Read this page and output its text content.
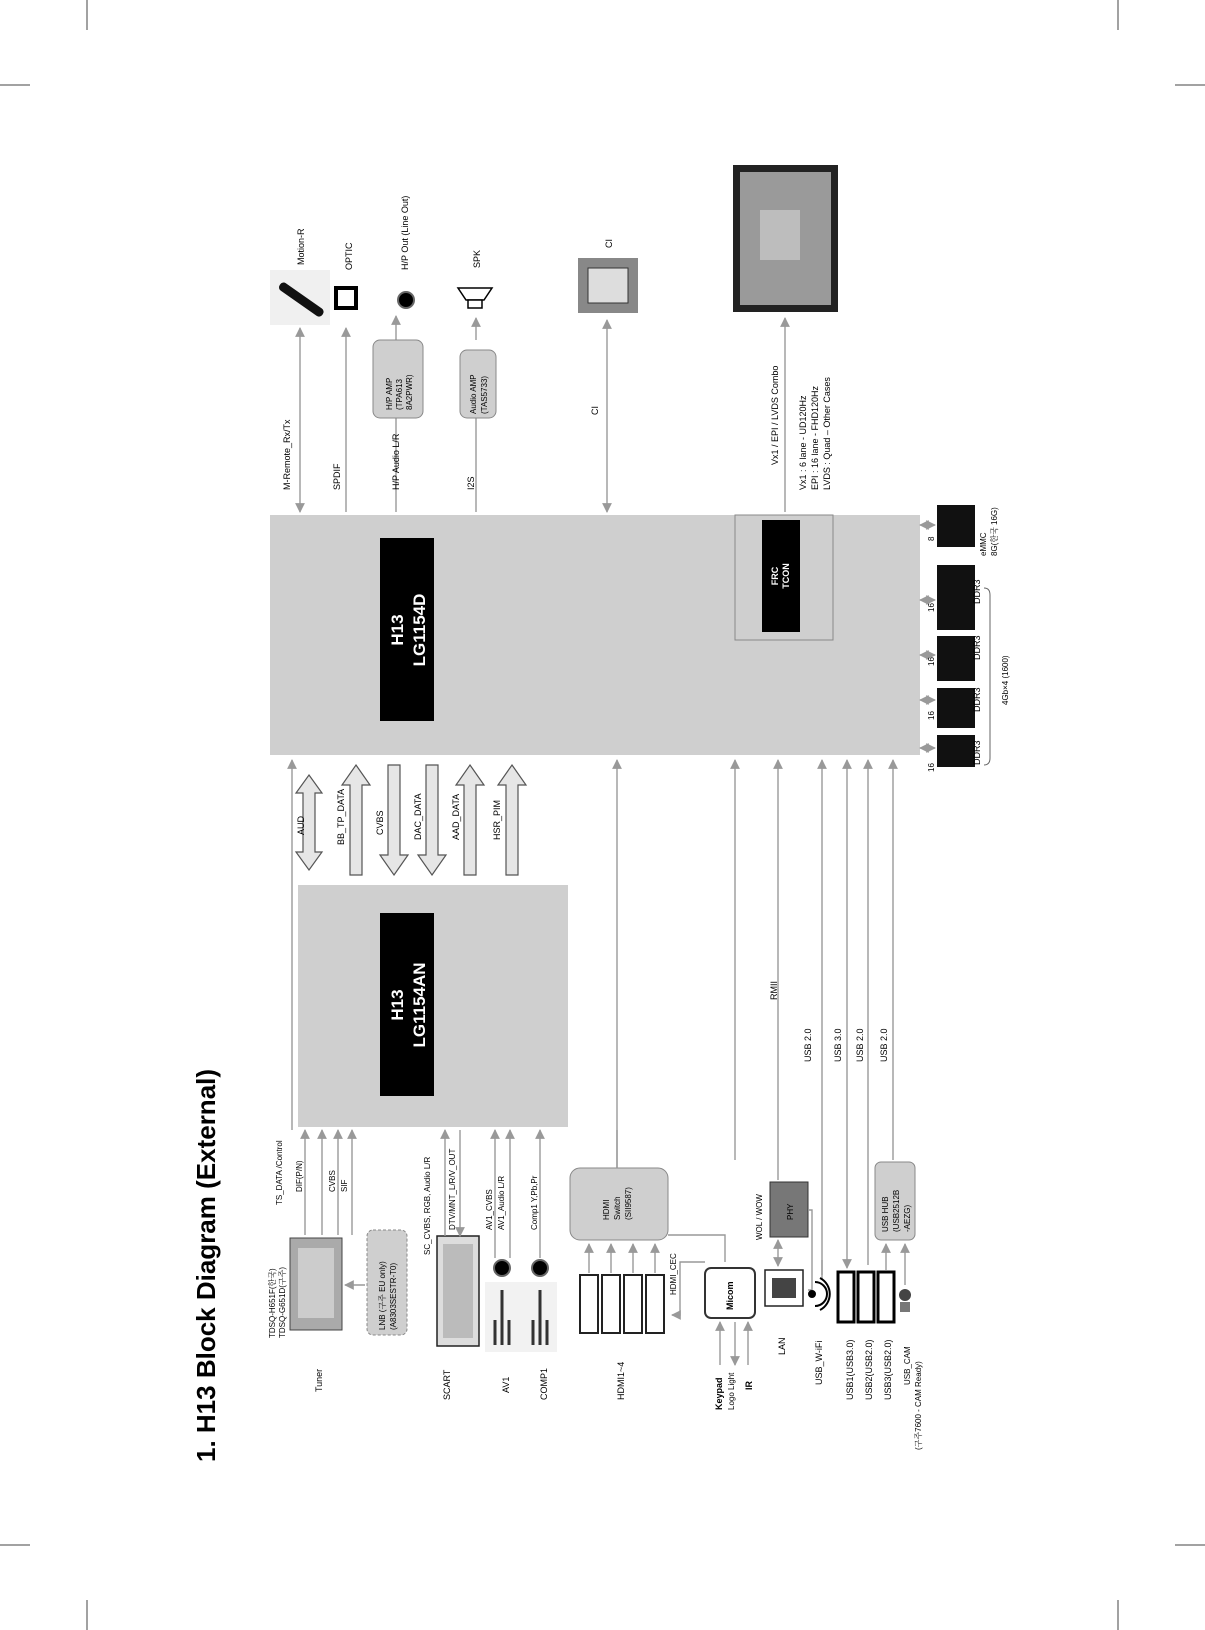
1. H13 Block Diagram (External)
H13 LG1154D
FRC TCON
H13 LG1154AN
AUD	BB_TP_DATA	CVBS	DAC_DATA	AAD_DATA	HSR_PIM
RMII
USB 2.0 USB 3.0 USB 2.0 USB 2.0
M-Remote_Rx/Tx	SPDIF	H/P Audio L/R	I2S
CI	Vx1 / EPI / LVDS Combo Vx1 : 6 lane - UD120Hz EPI : 16 lane - FHD120Hz LVDS : Quad – Other Cases
H/P AMP (TPA613 8A2PWR)	Audio AMP (TAS5733)
Motion-R	OPTIC	H/P Out (Line Out)	SPK
CI
16
16
16
16
8
DDR3
DDR3
DDR3
DDR3
4Gb×4 (1600)
eMMC 8G(한국 16G)
TDSQ-H651F(한국) TDSQ-G651D(구주)
Tuner
LNB (구주 EU only) (A8303SESTR-T0)
TS_DATA /Control DIF(P/N)	CVBS SIF
SCART
SC_CVBS, RGB, Audio L/R DTV/MNT_L/R/V_OUT
AV1	COMP1
AV1_CVBS AV1_Audio L/R	Comp1 Y,Pb,Pr	HDMI Switch (SII9587)
HDMI1~4
HDMI_CEC
Micom
Keypad Logo Light IR
PHY
WOL / WOW
LAN	USB_W-iFi USB1(USB3.0) USB2(USB2.0) USB3(USB2.0) USB_CAM (구주7600 - CAM Ready)
USB HUB (USB2512B -AEZG)
